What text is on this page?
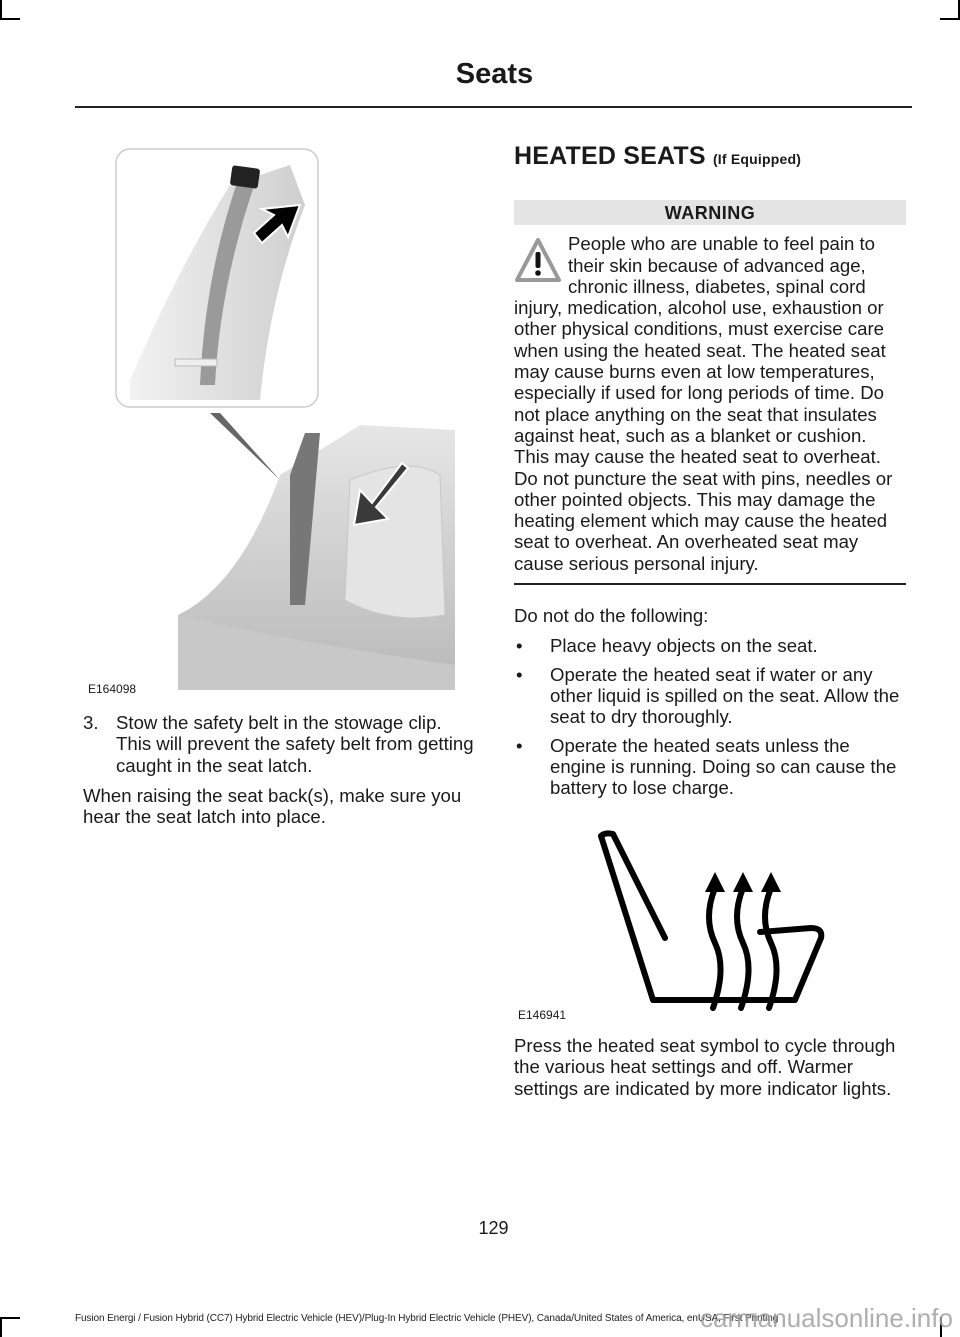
Seats
E164098
3. Stow the safety belt in the stowage clip. This will prevent the safety belt from getting caught in the seat latch.

When raising the seat back(s), make sure you hear the seat latch into place.

HEATED SEATS (If Equipped)
WARNING
People who are unable to feel pain to their skin because of advanced age, chronic illness, diabetes, spinal cord injury, medication, alcohol use, exhaustion or other physical conditions, must exercise care when using the heated seat. The heated seat may cause burns even at low temperatures, especially if used for long periods of time. Do not place anything on the seat that insulates against heat, such as a blanket or cushion. This may cause the heated seat to overheat. Do not puncture the seat with pins, needles or other pointed objects. This may damage the heating element which may cause the heated seat to overheat. An overheated seat may cause serious personal injury.

Do not do the following:

•	Place heavy objects on the seat.
•	Operate the heated seat if water or any other liquid is spilled on the seat. Allow the seat to dry thoroughly.
•	Operate the heated seats unless the engine is running. Doing so can cause the battery to lose charge.
E146941

Press the heated seat symbol to cycle through the various heat settings and off. Warmer settings are indicated by more indicator lights.

129
Fusion Energi / Fusion Hybrid (CC7) Hybrid Electric Vehicle (HEV)/Plug-In Hybrid Electric Vehicle (PHEV), Canada/United States of America, enUSA, First Printing
carmanualsonline.info
